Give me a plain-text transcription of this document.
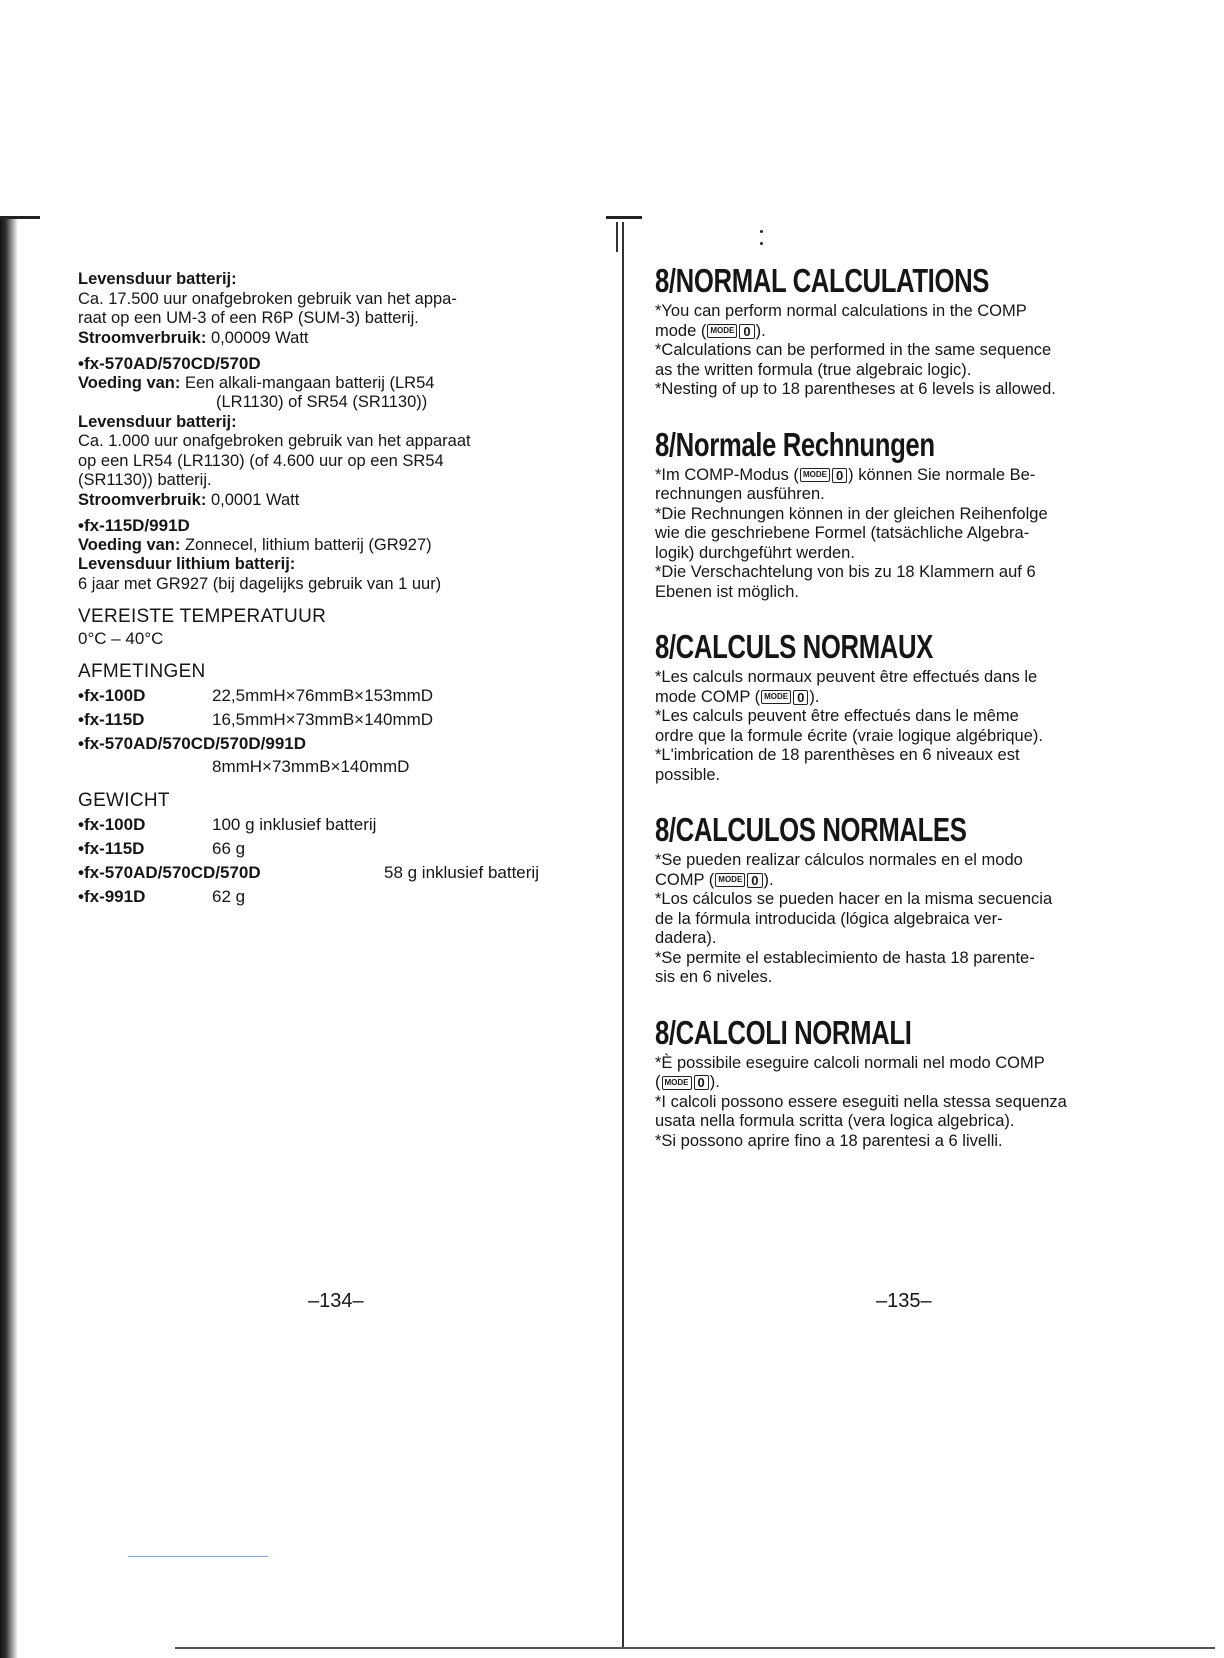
Levensduur batterij:
Ca. 17.500 uur onafgebroken gebruik van het appa-
raat op een UM-3 of een R6P (SUM-3) batterij.
Stroomverbruik: 0,00009 Watt
•fx-570AD/570CD/570D
Voeding van: Een alkali-mangaan batterij (LR54
(LR1130) of SR54 (SR1130))
Levensduur batterij:
Ca. 1.000 uur onafgebroken gebruik van het apparaat
op een LR54 (LR1130) (of 4.600 uur op een SR54
(SR1130)) batterij.
Stroomverbruik: 0,0001 Watt
•fx-115D/991D
Voeding van: Zonnecel, lithium batterij (GR927)
Levensduur lithium batterij:
6 jaar met GR927 (bij dagelijks gebruik van 1 uur)
VEREISTE TEMPERATUUR
0°C – 40°C
AFMETINGEN
•fx-100D	22,5mmH×76mmB×153mmD
•fx-115D	16,5mmH×73mmB×140mmD
•fx-570AD/570CD/570D/991D
8mmH×73mmB×140mmD
GEWICHT
•fx-100D	100 g inklusief batterij
•fx-115D	66 g
•fx-570AD/570CD/570D	58 g inklusief batterij
•fx-991D	62 g
–134–
8/NORMAL CALCULATIONS
*You can perform normal calculations in the COMP
mode ( MODE 0 ).
*Calculations can be performed in the same sequence
as the written formula (true algebraic logic).
*Nesting of up to 18 parentheses at 6 levels is allowed.
8/Normale Rechnungen
*Im COMP-Modus ( MODE 0 ) können Sie normale Be-
rechnungen ausführen.
*Die Rechnungen können in der gleichen Reihenfolge
wie die geschriebene Formel (tatsächliche Algebra-
logik) durchgeführt werden.
*Die Verschachtelung von bis zu 18 Klammern auf 6
Ebenen ist möglich.
8/CALCULS NORMAUX
*Les calculs normaux peuvent être effectués dans le
mode COMP ( MODE 0 ).
*Les calculs peuvent être effectués dans le même
ordre que la formule écrite (vraie logique algébrique).
*L'imbrication de 18 parenthèses en 6 niveaux est
possible.
8/CALCULOS NORMALES
*Se pueden realizar cálculos normales en el modo
COMP ( MODE 0 ).
*Los cálculos se pueden hacer en la misma secuencia
de la fórmula introducida (lógica algebraica ver-
dadera).
*Se permite el establecimiento de hasta 18 parente-
sis en 6 niveles.
8/CALCOLI NORMALI
*È possibile eseguire calcoli normali nel modo COMP
( MODE 0 ).
*I calcoli possono essere eseguiti nella stessa sequenza
usata nella formula scritta (vera logica algebrica).
*Si possono aprire fino a 18 parentesi a 6 livelli.
–135–
